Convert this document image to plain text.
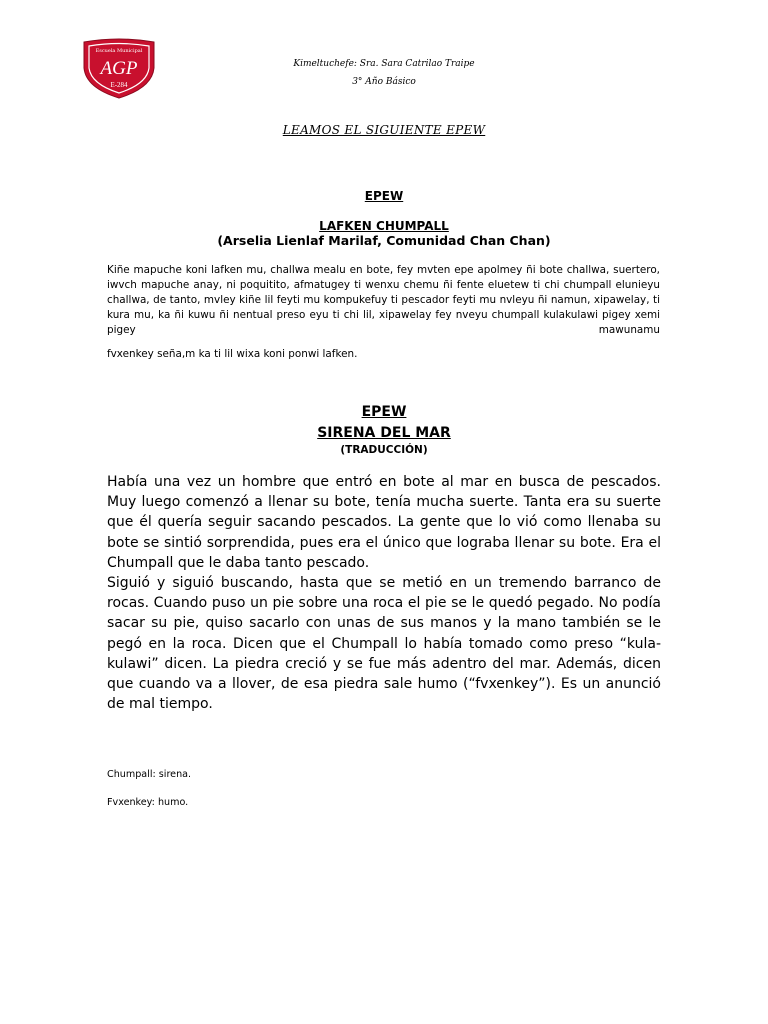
Escuela Municipal
AGP
E-284
Kimeltuchefe: Sra. Sara Catrilao Traipe
3° Año Básico
LEAMOS EL SIGUIENTE EPEW
EPEW
LAFKEN CHUMPALL
(Arselia Lienlaf Marilaf, Comunidad Chan Chan)

Kiñe mapuche koni lafken mu, challwa mealu en bote, fey mvten epe apolmey ñi bote challwa, suertero, iwvch mapuche anay, ni poquitito, afmatugey ti wenxu chemu ñi fente eluetew ti chi chumpall elunieyu challwa, de tanto, mvley kiñe lil feyti mu kompukefuy ti pescador feyti mu nvleyu ñi namun, xipawelay, ti kura mu, ka ñi kuwu ñi nentual preso eyu ti chi lil, xipawelay fey nveyu chumpall kulakulawi pigey xemi pigey mawunamu

fvxenkey seña,m ka ti lil wixa koni ponwi lafken.

EPEW
SIRENA DEL MAR
(TRADUCCIÓN)

Había una vez un hombre que entró en bote al mar en busca de pescados. Muy luego comenzó a llenar su bote, tenía mucha suerte. Tanta era su suerte que él quería seguir sacando pescados. La gente que lo vió como llenaba su bote se sintió sorprendida, pues era el único que lograba llenar su bote. Era el Chumpall que le daba tanto pescado.

Siguió y siguió buscando, hasta que se metió en un tremendo barranco de rocas. Cuando puso un pie sobre una roca el pie se le quedó pegado. No podía sacar su pie, quiso sacarlo con unas de sus manos y la mano también se le pegó en la roca. Dicen que el Chumpall lo había tomado como preso “kula-kulawi” dicen. La piedra creció y se fue más adentro del mar. Además, dicen que cuando va a llover, de esa piedra sale humo (“fvxenkey”). Es un anunció de mal tiempo.

Chumpall: sirena.
Fvxenkey: humo.
